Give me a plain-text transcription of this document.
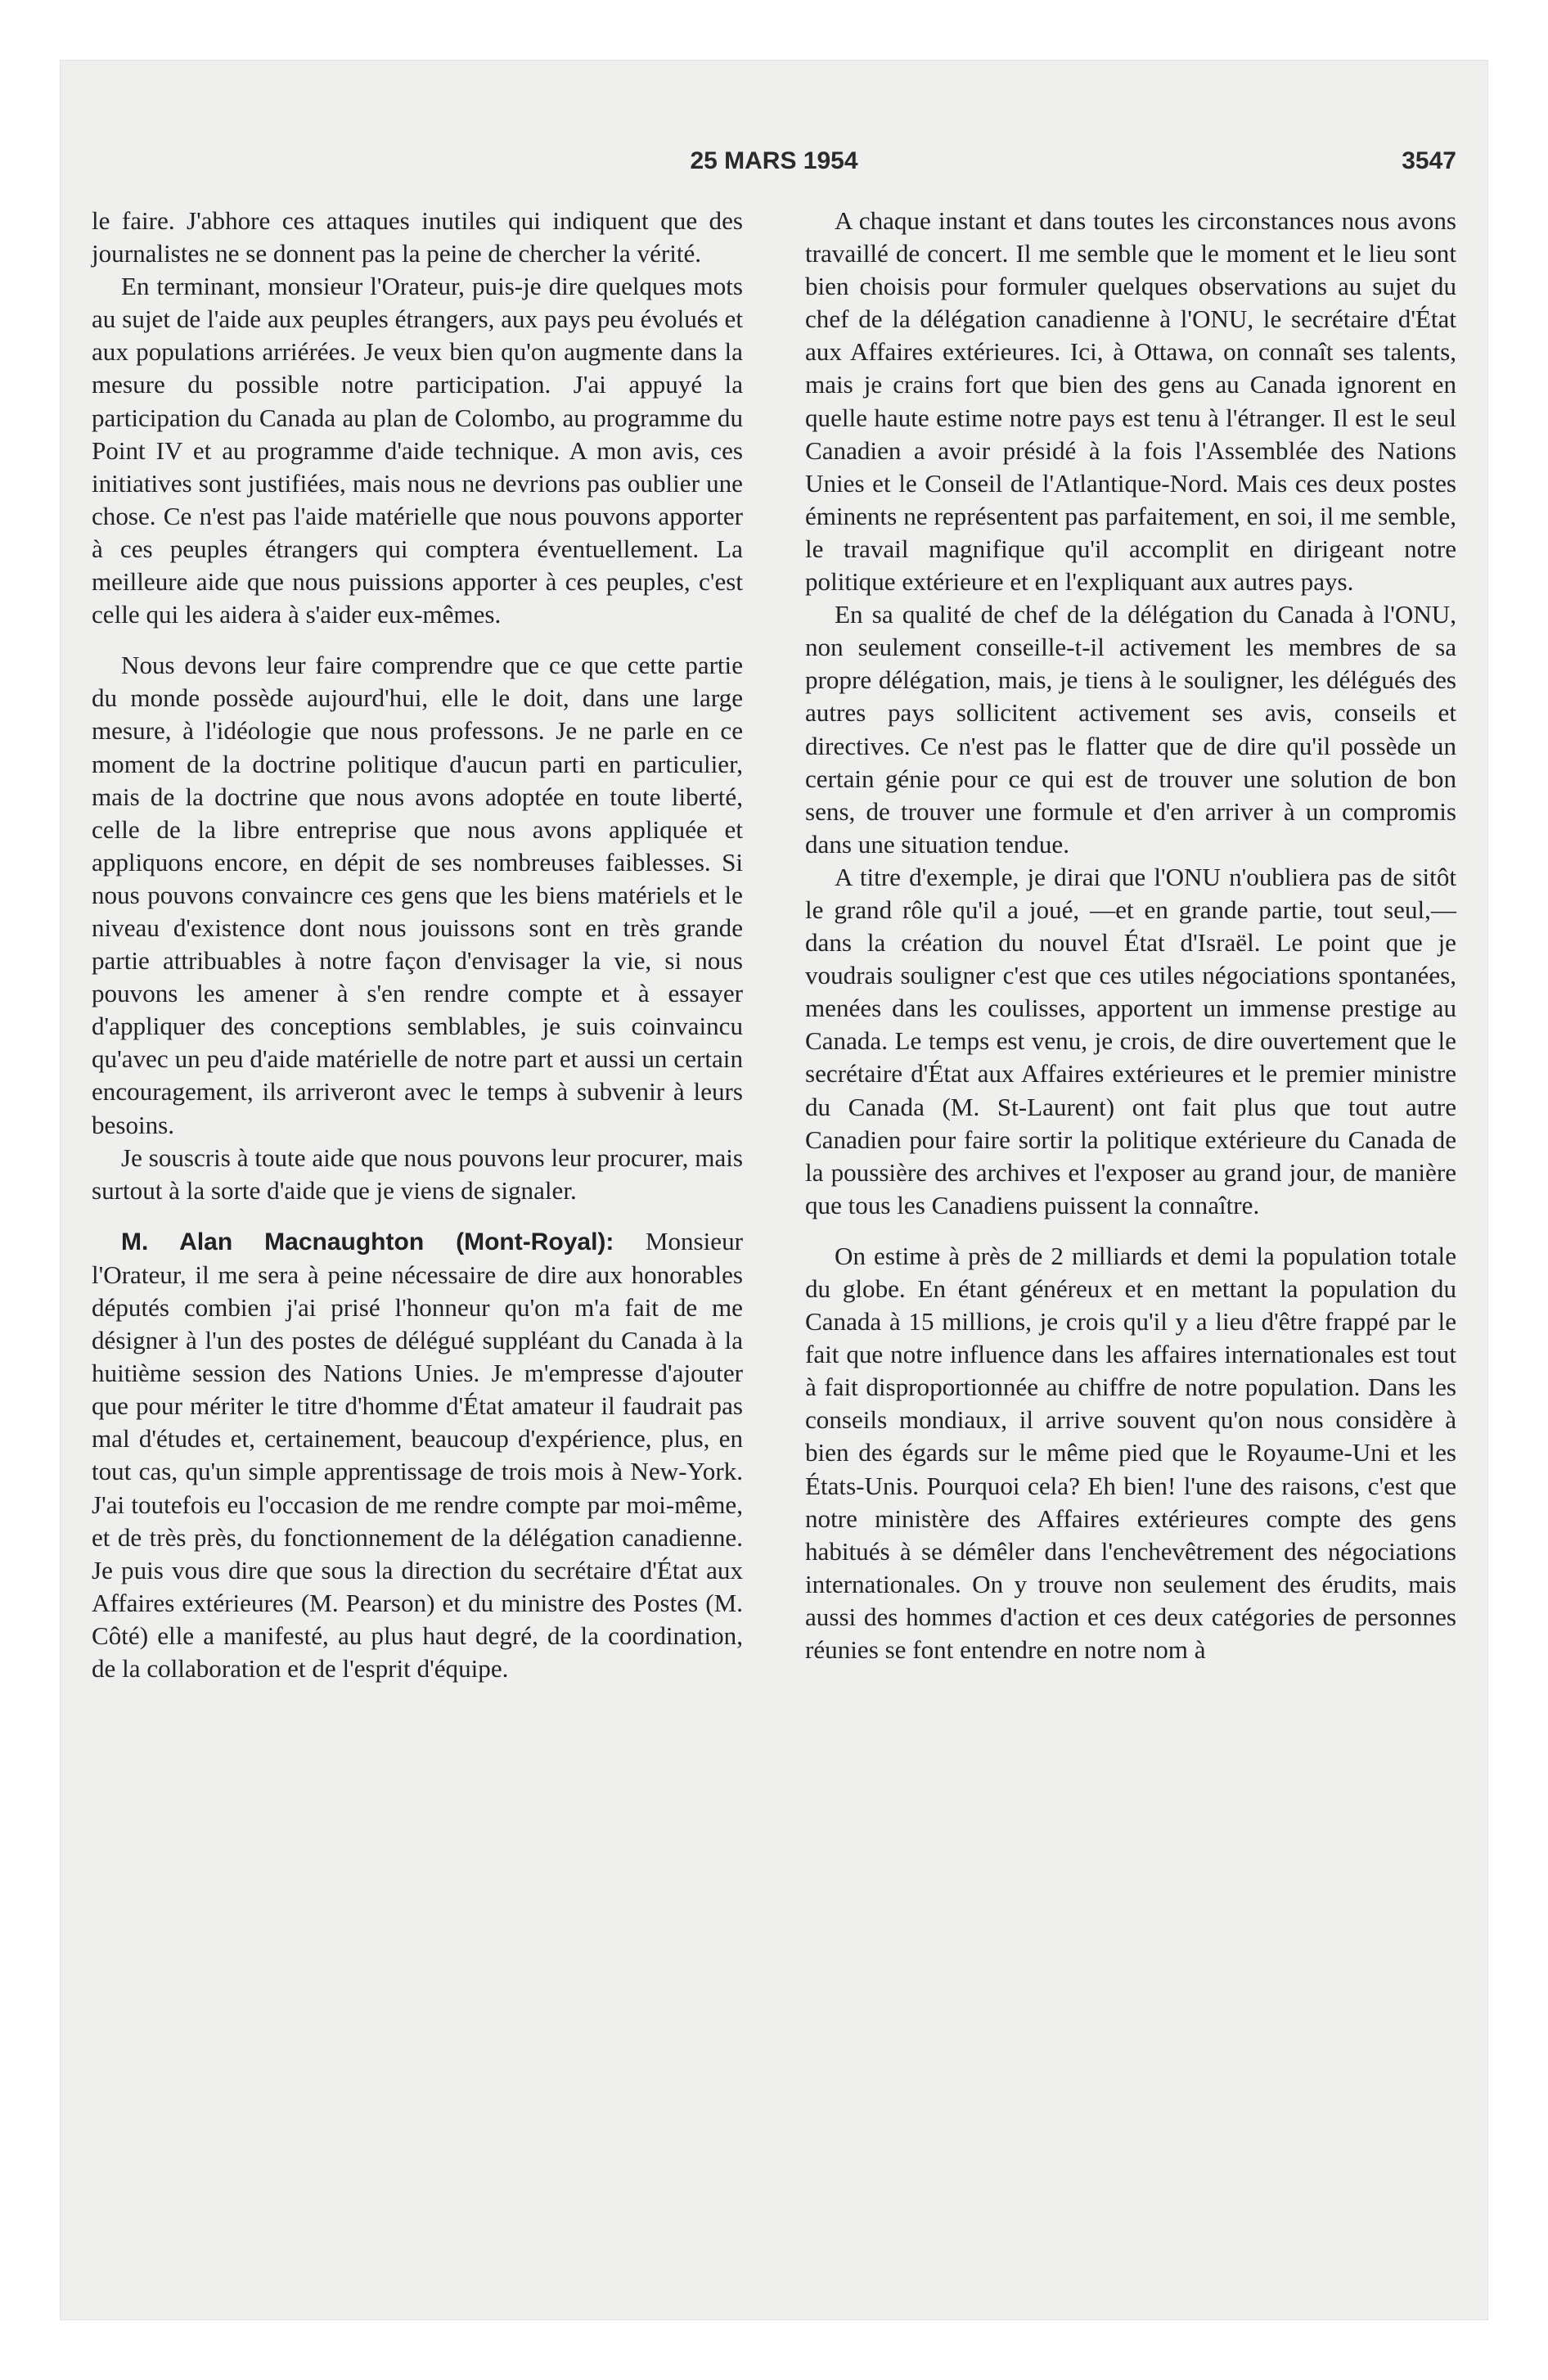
25 MARS 1954	3547

le faire. J'abhore ces attaques inutiles qui indiquent que des journalistes ne se donnent pas la peine de chercher la vérité.

En terminant, monsieur l'Orateur, puis-je dire quelques mots au sujet de l'aide aux peuples étrangers, aux pays peu évolués et aux populations arriérées. Je veux bien qu'on augmente dans la mesure du possible notre participation. J'ai appuyé la participation du Canada au plan de Colombo, au programme du Point IV et au programme d'aide technique. A mon avis, ces initiatives sont justifiées, mais nous ne devrions pas oublier une chose. Ce n'est pas l'aide matérielle que nous pouvons apporter à ces peuples étrangers qui comptera éventuellement. La meilleure aide que nous puissions apporter à ces peuples, c'est celle qui les aidera à s'aider eux-mêmes.

Nous devons leur faire comprendre que ce que cette partie du monde possède aujourd'hui, elle le doit, dans une large mesure, à l'idéologie que nous professons. Je ne parle en ce moment de la doctrine politique d'aucun parti en particulier, mais de la doctrine que nous avons adoptée en toute liberté, celle de la libre entreprise que nous avons appliquée et appliquons encore, en dépit de ses nombreuses faiblesses. Si nous pouvons convaincre ces gens que les biens matériels et le niveau d'existence dont nous jouissons sont en très grande partie attribuables à notre façon d'envisager la vie, si nous pouvons les amener à s'en rendre compte et à essayer d'appliquer des conceptions semblables, je suis coinvaincu qu'avec un peu d'aide matérielle de notre part et aussi un certain encouragement, ils arriveront avec le temps à subvenir à leurs besoins.

Je souscris à toute aide que nous pouvons leur procurer, mais surtout à la sorte d'aide que je viens de signaler.

M. Alan Macnaughton (Mont-Royal): Monsieur l'Orateur, il me sera à peine nécessaire de dire aux honorables députés combien j'ai prisé l'honneur qu'on m'a fait de me désigner à l'un des postes de délégué suppléant du Canada à la huitième session des Nations Unies. Je m'empresse d'ajouter que pour mériter le titre d'homme d'État amateur il faudrait pas mal d'études et, certainement, beaucoup d'expérience, plus, en tout cas, qu'un simple apprentissage de trois mois à New-York. J'ai toutefois eu l'occasion de me rendre compte par moi-même, et de très près, du fonctionnement de la délégation canadienne. Je puis vous dire que sous la direction du secrétaire d'État aux Affaires extérieures (M. Pearson) et du ministre des Postes (M. Côté) elle a manifesté, au plus haut degré, de la coordination, de la collaboration et de l'esprit d'équipe.

A chaque instant et dans toutes les circonstances nous avons travaillé de concert. Il me semble que le moment et le lieu sont bien choisis pour formuler quelques observations au sujet du chef de la délégation canadienne à l'ONU, le secrétaire d'État aux Affaires extérieures. Ici, à Ottawa, on connaît ses talents, mais je crains fort que bien des gens au Canada ignorent en quelle haute estime notre pays est tenu à l'étranger. Il est le seul Canadien a avoir présidé à la fois l'Assemblée des Nations Unies et le Conseil de l'Atlantique-Nord. Mais ces deux postes éminents ne représentent pas parfaitement, en soi, il me semble, le travail magnifique qu'il accomplit en dirigeant notre politique extérieure et en l'expliquant aux autres pays.

En sa qualité de chef de la délégation du Canada à l'ONU, non seulement conseille-t-il activement les membres de sa propre délégation, mais, je tiens à le souligner, les délégués des autres pays sollicitent activement ses avis, conseils et directives. Ce n'est pas le flatter que de dire qu'il possède un certain génie pour ce qui est de trouver une solution de bon sens, de trouver une formule et d'en arriver à un compromis dans une situation tendue.

A titre d'exemple, je dirai que l'ONU n'oubliera pas de sitôt le grand rôle qu'il a joué, —et en grande partie, tout seul,—dans la création du nouvel État d'Israël. Le point que je voudrais souligner c'est que ces utiles négociations spontanées, menées dans les coulisses, apportent un immense prestige au Canada. Le temps est venu, je crois, de dire ouvertement que le secrétaire d'État aux Affaires extérieures et le premier ministre du Canada (M. St-Laurent) ont fait plus que tout autre Canadien pour faire sortir la politique extérieure du Canada de la poussière des archives et l'exposer au grand jour, de manière que tous les Canadiens puissent la connaître.

On estime à près de 2 milliards et demi la population totale du globe. En étant généreux et en mettant la population du Canada à 15 millions, je crois qu'il y a lieu d'être frappé par le fait que notre influence dans les affaires internationales est tout à fait disproportionnée au chiffre de notre population. Dans les conseils mondiaux, il arrive souvent qu'on nous considère à bien des égards sur le même pied que le Royaume-Uni et les États-Unis. Pourquoi cela? Eh bien! l'une des raisons, c'est que notre ministère des Affaires extérieures compte des gens habitués à se démêler dans l'enchevêtrement des négociations internationales. On y trouve non seulement des érudits, mais aussi des hommes d'action et ces deux catégories de personnes réunies se font entendre en notre nom à
